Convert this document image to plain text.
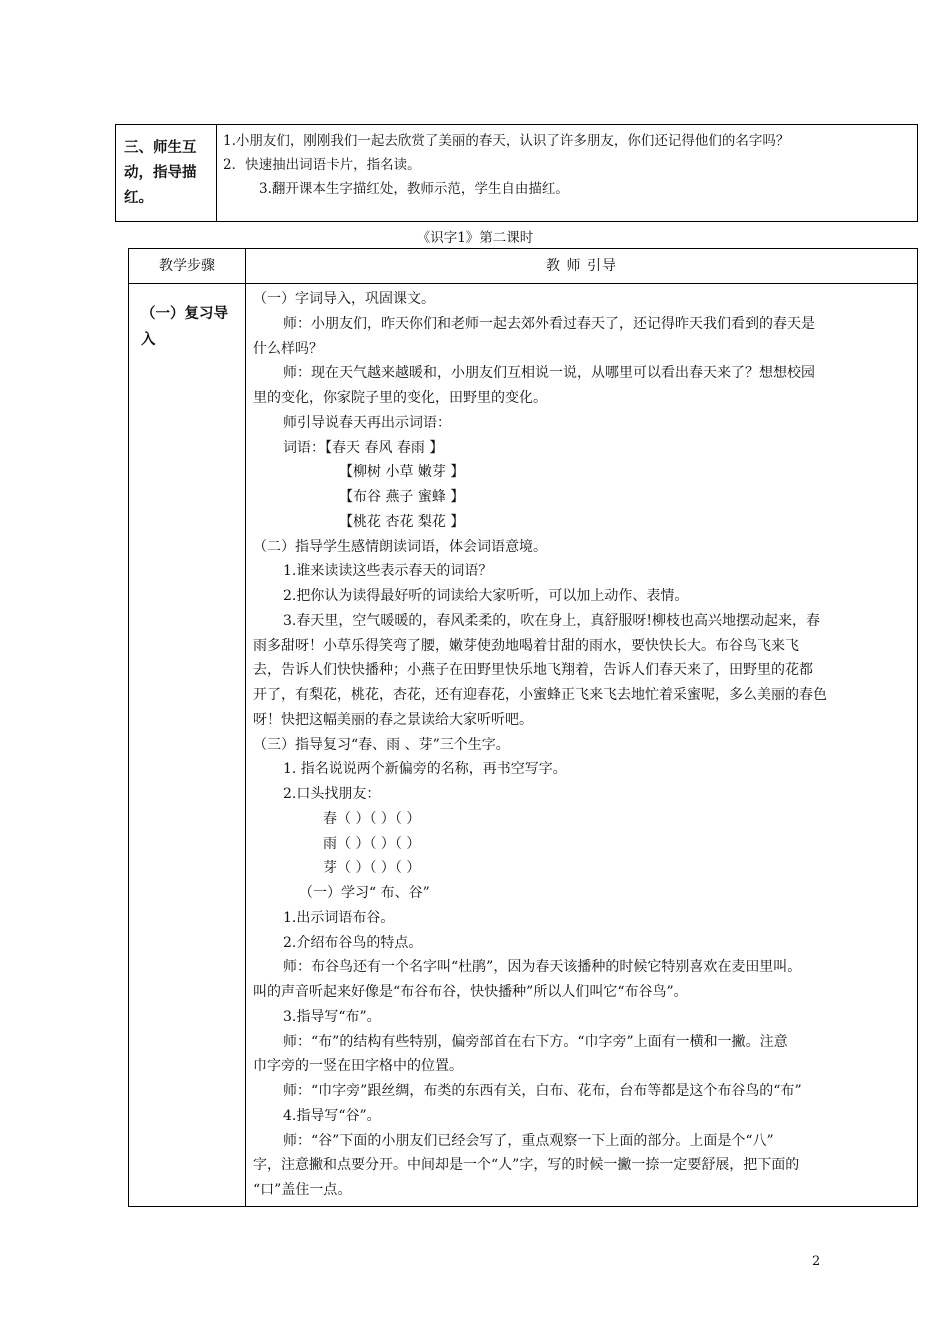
三、师生互
动，指导描
红。
1.小朋友们，刚刚我们一起去欣赏了美丽的春天，认识了许多朋友，你们还记得他们的名字吗？
2．快速抽出词语卡片，指名读。
3.翻开课本生字描红处，教师示范，学生自由描红。
《识字1》第二课时
教学步骤	教 师 引导
（一）复习导
入
（一）字词导入，巩固课文。
师：小朋友们，昨天你们和老师一起去郊外看过春天了，还记得昨天我们看到的春天是
什么样吗？
师：现在天气越来越暖和，小朋友们互相说一说，从哪里可以看出春天来了？想想校园
里的变化，你家院子里的变化，田野里的变化。
师引导说春天再出示词语：
词语：【春天 春风 春雨 】
【柳树 小草 嫩芽 】
【布谷 燕子 蜜蜂 】
【桃花 杏花 梨花 】
（二）指导学生感情朗读词语，体会词语意境。
1.谁来读读这些表示春天的词语？
2.把你认为读得最好听的词读给大家听听，可以加上动作、表情。
3.春天里，空气暖暖的，春风柔柔的，吹在身上，真舒服呀!柳枝也高兴地摆动起来，春
雨多甜呀！小草乐得笑弯了腰，嫩芽使劲地喝着甘甜的雨水，要快快长大。布谷鸟飞来飞
去，告诉人们快快播种；小燕子在田野里快乐地飞翔着，告诉人们春天来了，田野里的花都
开了，有梨花，桃花，杏花，还有迎春花，小蜜蜂正飞来飞去地忙着采蜜呢，多么美丽的春色
呀！快把这幅美丽的春之景读给大家听听吧。
（三）指导复习“春、雨 、芽”三个生字。
1. 指名说说两个新偏旁的名称，再书空写字。
2.口头找朋友：
春（ ）（ ）（ ）
雨（ ）（ ）（ ）
芽（ ）（ ）（ ）
（一）学习“ 布、谷”
1.出示词语布谷。
2.介绍布谷鸟的特点。
师：布谷鸟还有一个名字叫“杜鹃”，因为春天该播种的时候它特别喜欢在麦田里叫。
叫的声音听起来好像是“布谷布谷，快快播种”所以人们叫它“布谷鸟”。
3.指导写“布”。
师：“布”的结构有些特别，偏旁部首在右下方。“巾字旁”上面有一横和一撇。注意
巾字旁的一竖在田字格中的位置。
师：“巾字旁”跟丝绸，布类的东西有关，白布、花布，台布等都是这个布谷鸟的“布”
4.指导写“谷”。
师：“谷”下面的小朋友们已经会写了，重点观察一下上面的部分。上面是个“八”
字，注意撇和点要分开。中间却是一个“人”字，写的时候一撇一捺一定要舒展，把下面的
“口”盖住一点。
2
